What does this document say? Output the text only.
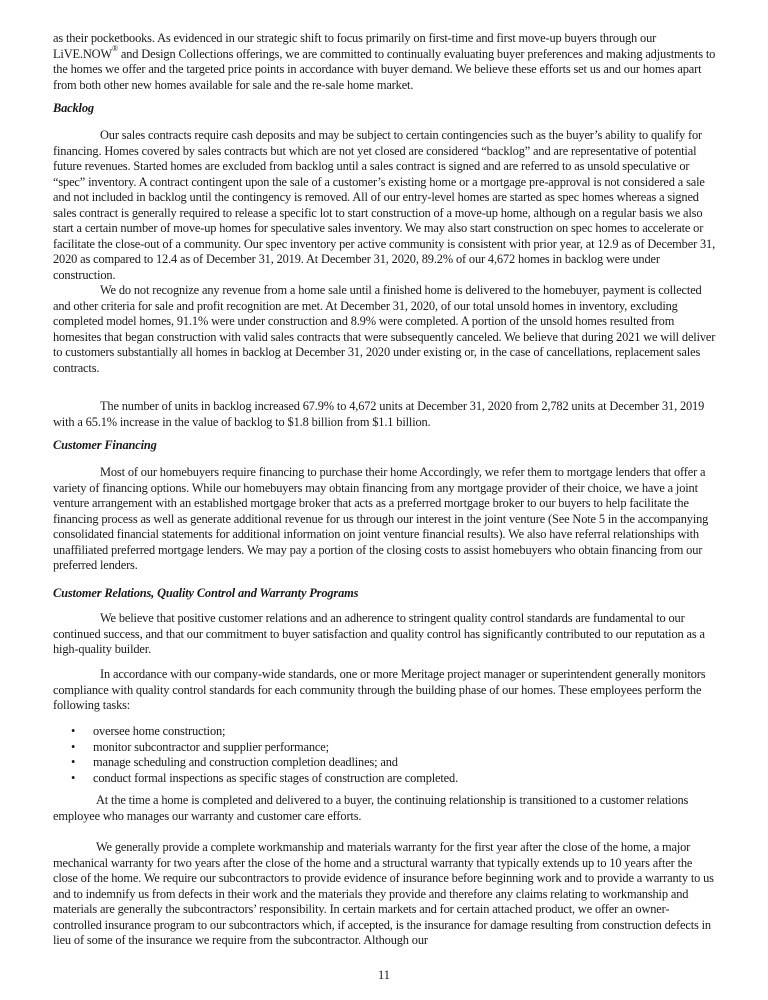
as their pocketbooks. As evidenced in our strategic shift to focus primarily on first-time and first move-up buyers through our LiVE.NOW® and Design Collections offerings, we are committed to continually evaluating buyer preferences and making adjustments to the homes we offer and the targeted price points in accordance with buyer demand. We believe these efforts set us and our homes apart from both other new homes available for sale and the re-sale home market.
Backlog
Our sales contracts require cash deposits and may be subject to certain contingencies such as the buyer’s ability to qualify for financing. Homes covered by sales contracts but which are not yet closed are considered “backlog” and are representative of potential future revenues. Started homes are excluded from backlog until a sales contract is signed and are referred to as unsold speculative or “spec” inventory. A contract contingent upon the sale of a customer’s existing home or a mortgage pre-approval is not considered a sale and not included in backlog until the contingency is removed. All of our entry-level homes are started as spec homes whereas a signed sales contract is generally required to release a specific lot to start construction of a move-up home, although on a regular basis we also start a certain number of move-up homes for speculative sales inventory. We may also start construction on spec homes to accelerate or facilitate the close-out of a community. Our spec inventory per active community is consistent with prior year, at 12.9 as of December 31, 2020 as compared to 12.4 as of December 31, 2019. At December 31, 2020, 89.2% of our 4,672 homes in backlog were under construction.
We do not recognize any revenue from a home sale until a finished home is delivered to the homebuyer, payment is collected and other criteria for sale and profit recognition are met. At December 31, 2020, of our total unsold homes in inventory, excluding completed model homes, 91.1% were under construction and 8.9% were completed. A portion of the unsold homes resulted from homesites that began construction with valid sales contracts that were subsequently canceled. We believe that during 2021 we will deliver to customers substantially all homes in backlog at December 31, 2020 under existing or, in the case of cancellations, replacement sales contracts.
The number of units in backlog increased 67.9% to 4,672 units at December 31, 2020 from 2,782 units at December 31, 2019 with a 65.1% increase in the value of backlog to $1.8 billion from $1.1 billion.
Customer Financing
Most of our homebuyers require financing to purchase their home Accordingly, we refer them to mortgage lenders that offer a variety of financing options. While our homebuyers may obtain financing from any mortgage provider of their choice, we have a joint venture arrangement with an established mortgage broker that acts as a preferred mortgage broker to our buyers to help facilitate the financing process as well as generate additional revenue for us through our interest in the joint venture (See Note 5 in the accompanying consolidated financial statements for additional information on joint venture financial results). We also have referral relationships with unaffiliated preferred mortgage lenders. We may pay a portion of the closing costs to assist homebuyers who obtain financing from our preferred lenders.
Customer Relations, Quality Control and Warranty Programs
We believe that positive customer relations and an adherence to stringent quality control standards are fundamental to our continued success, and that our commitment to buyer satisfaction and quality control has significantly contributed to our reputation as a high-quality builder.
In accordance with our company-wide standards, one or more Meritage project manager or superintendent generally monitors compliance with quality control standards for each community through the building phase of our homes. These employees perform the following tasks:
• oversee home construction;
• monitor subcontractor and supplier performance;
• manage scheduling and construction completion deadlines; and
• conduct formal inspections as specific stages of construction are completed.
At the time a home is completed and delivered to a buyer, the continuing relationship is transitioned to a customer relations employee who manages our warranty and customer care efforts.
We generally provide a complete workmanship and materials warranty for the first year after the close of the home, a major mechanical warranty for two years after the close of the home and a structural warranty that typically extends up to 10 years after the close of the home. We require our subcontractors to provide evidence of insurance before beginning work and to provide a warranty to us and to indemnify us from defects in their work and the materials they provide and therefore any claims relating to workmanship and materials are generally the subcontractors’ responsibility. In certain markets and for certain attached product, we offer an owner-controlled insurance program to our subcontractors which, if accepted, is the insurance for damage resulting from construction defects in lieu of some of the insurance we require from the subcontractor. Although our
11
